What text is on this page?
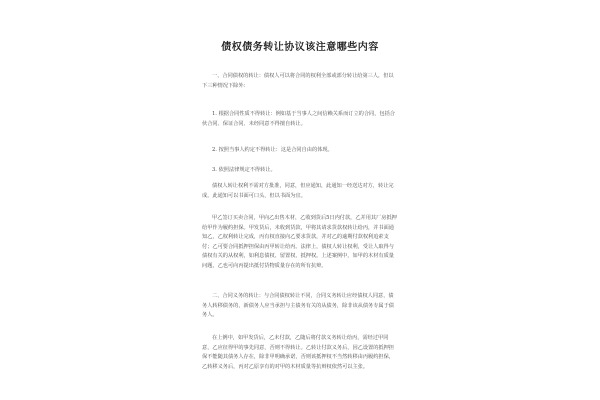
债权债务转让协议该注意哪些内容

一、合同债权的转让：债权人可以将合同的权利全部或部分转让给第三人，但以下三种情况下除外：

1. 根据合同性质不得转让：例如基于当事人之间信赖关系而订立的合同，包括合伙合同、保证合同、未经同意不得擅自转让。

2. 按照当事人约定不得转让：这是合同自由的体现。

3. 依照法律规定不得转让。

债权人转让权利不需对方批准，同意，但应通知，此通知一经送达对方，转让完成。此通知可以书面可口头，但以书面为宜。

甲乙签订买卖合同，甲向乙出售木材，乙收到货后5日内付款，乙并用其厂房抵押给甲作为履约担保。甲发货后，未收到货款，甲将其请求货款权转让给丙，并书面通知乙，乙权利转让完成，丙有权直接向乙要求货款，并对乙的逾期付款权利追索支付；乙可要合同抵押担保由丙甲转让给丙。法律上，债权人转让权利，受让人取得与债权有关的从权利，如利息债权、留置权、抵押权。上述案例中，如甲的木材有质量问题，乙也可向丙提出抵付货物质量存在的所有抗辩。

二、合同义务的转让：与合同债权转让不同，合同义务转让应经债权人同意，债务人转移债务的，新债务人应当承担与主债务有关的从债务，除非该从债务专属于债务人。

在上例中，如甲发货后，乙未付款，乙随后将付款义务转让给丙，需经过甲同意，乙应征得甲的事先同意，否则不得转让。乙转让付款义务后，因乙设置的抵押担保不能随其债务人存在，除非甲明确承诺，否则该抵押权不当然转移由丙履约担保，乙转移义务后，丙对乙原享有的对甲的木材质量等抗辩权依然可以主张。
